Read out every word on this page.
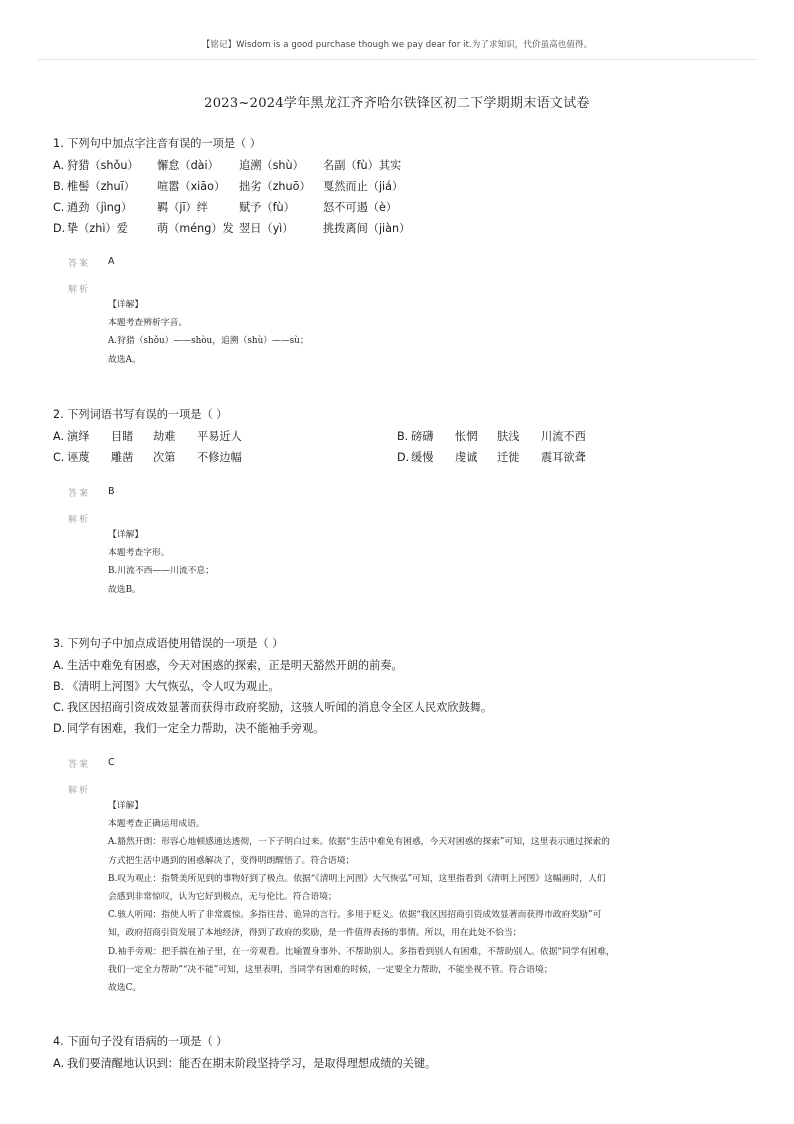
【铭记】Wisdom is a good purchase though we pay dear for it.为了求知识，代价虽高也值得。
2023~2024学年黑龙江齐齐哈尔铁锋区初二下学期期末语文试卷
1. 下列句中加点字注音有误的一项是（ ）
A. 狩猎（shǒu）	懈怠（dài）	追溯（shù）	名副（fù）其实
B. 椎髻（zhuī）	喧嚣（xiāo）	拙劣（zhuō）	戛然而止（jiá）
C. 遒劲（jìng）	羁（jī）绊	赋予（fù）	怒不可遏（è）
D. 挚（zhì）爱	萌（méng）发 翌日（yì）	挑拨离间（jiàn）
答案 A
解析

【详解】

本题考查辨析字音。

A.狩猎（shǒu）——shòu，追溯（shù）——sù；

故选A。

2. 下列词语书写有误的一项是（ ）
A. 演绎	目睹	劫难	平易近人	B. 磅礴	怅惘	肤浅	川流不西
C. 诬蔑	雕凿	次第	不修边幅	D. 缓慢	虔诚	迁徙	震耳欲聋
答案 B
解析

【详解】

本题考查字形。

B.川流不西——川流不息；

故选B。

3. 下列句子中加点成语使用错误的一项是（ ）
A. 生活中难免有困惑，今天对困惑的探索，正是明天豁然开朗的前奏。
B. 《清明上河图》大气恢弘，令人叹为观止。
C. 我区因招商引资成效显著而获得市政府奖励，这骇人听闻的消息令全区人民欢欣鼓舞。
D. 同学有困难，我们一定全力帮助，决不能袖手旁观。
答案 C
解析

【详解】

本题考查正确运用成语。

A.豁然开朗：形容心地顿感通达透彻，一下子明白过来。依据“生活中难免有困惑，今天对困惑的探索”可知，这里表示通过探索的

方式把生活中遇到的困惑解决了，变得明朗醒悟了。符合语境；

B.叹为观止：指赞美所见到的事物好到了极点。依据“《清明上河图》大气恢弘”可知，这里指看到《清明上河图》这幅画时，人们

会感到非常惊叹，认为它好到极点，无与伦比。符合语境；

C.骇人听闻：指使人听了非常震惊。多指往昔、诡异的言行。多用于贬义。依据“我区因招商引资成效显著而获得市政府奖励”可

知，政府招商引资发展了本地经济，得到了政府的奖励，是一件值得表扬的事情。所以，用在此处不恰当；

D.袖手旁观：把手揣在袖子里，在一旁观看。比喻置身事外、不帮助别人。多指看到别人有困难，不帮助别人。依据“同学有困难，

我们一定全力帮助”“决不能”可知，这里表明，当同学有困难的时候，一定要全力帮助，不能坐视不管。符合语境；

故选C。

4. 下面句子没有语病的一项是（ ）
A. 我们要清醒地认识到：能否在期末阶段坚持学习，是取得理想成绩的关键。
